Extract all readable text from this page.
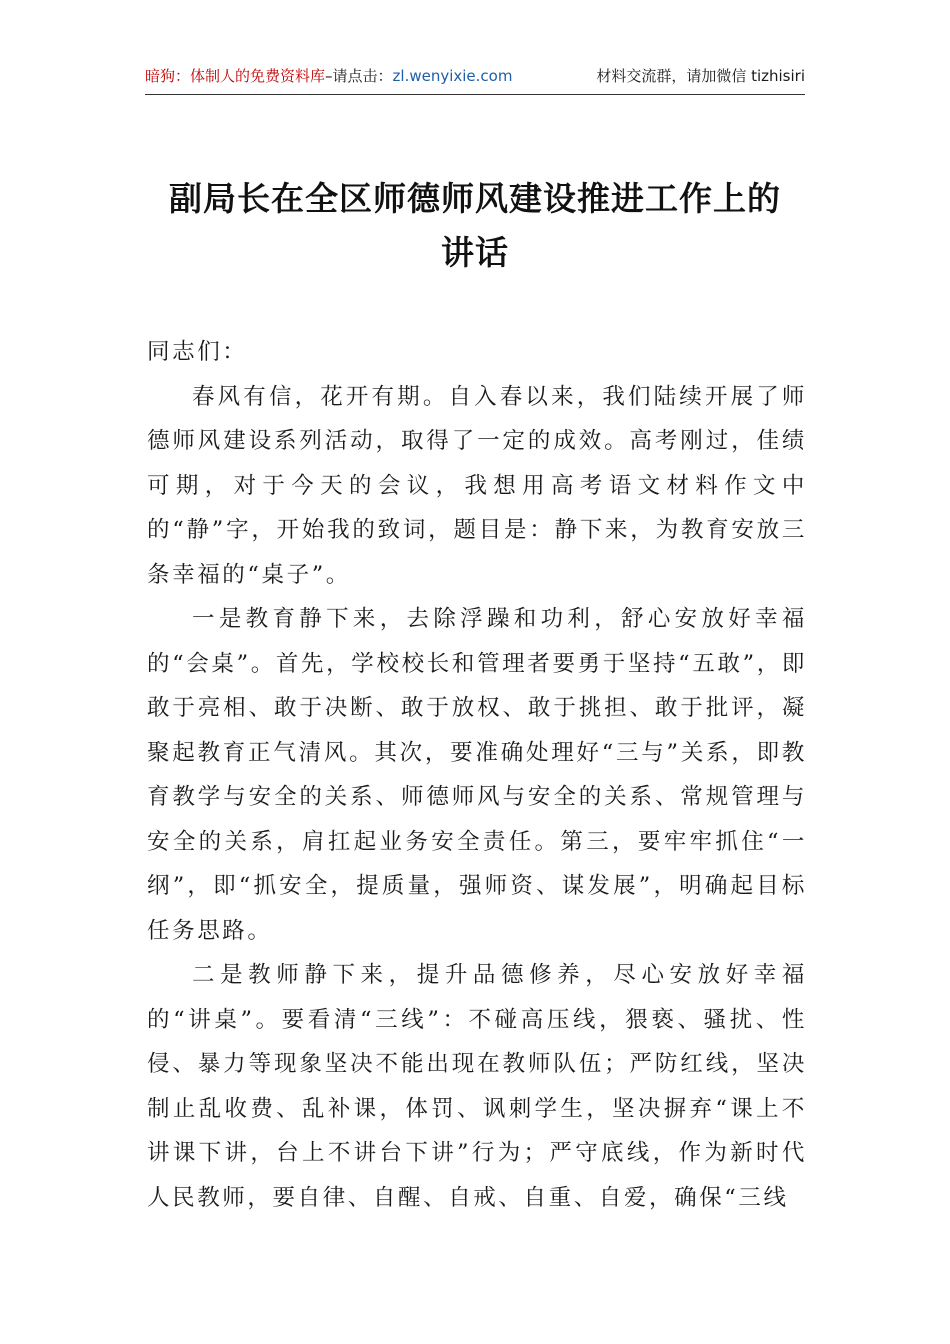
暗狗：体制人的免费资料库 –请点击： zl.wenyixie.com	材料交流群，请加微信 tizhisiri
副局长在全区师德师风建设推进工作上的
讲话

同志们：

春风有信，花开有期。自入春以来，我们陆续开展了师德师风建设系列活动，取得了一定的成效。高考刚过，佳绩可期，对于今天的会议，我想用高考语文材料作文中的“静”字，开始我的致词，题目是：静下来，为教育安放三条幸福的“桌子”。

一是教育静下来，去除浮躁和功利，舒心安放好幸福的“会桌”。首先，学校校长和管理者要勇于坚持“五敢”，即敢于亮相、敢于决断、敢于放权、敢于挑担、敢于批评，凝聚起教育正气清风。其次，要准确处理好“三与”关系，即教育教学与安全的关系、师德师风与安全的关系、常规管理与安全的关系，肩扛起业务安全责任。第三，要牢牢抓住“一纲”，即“抓安全，提质量，强师资、谋发展”，明确起目标任务思路。

二是教师静下来，提升品德修养，尽心安放好幸福的“讲桌”。要看清“三线”：不碰高压线，猥亵、骚扰、性侵、暴力等现象坚决不能出现在教师队伍；严防红线，坚决制止乱收费、乱补课，体罚、讽刺学生，坚决摒弃“课上不讲课下讲，台上不讲台下讲”行为；严守底线，作为新时代人民教师，要自律、自醒、自戒、自重、自爱，确保“三线
